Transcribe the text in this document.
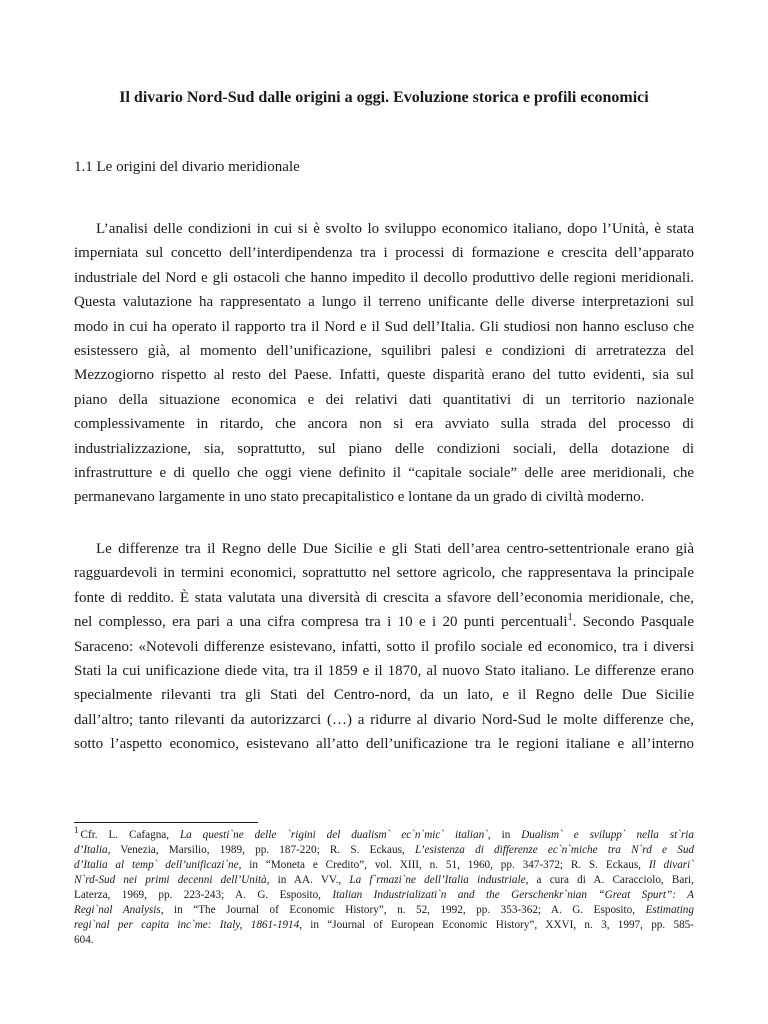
Il divario Nord-Sud dalle origini a oggi. Evoluzione storica e profili economici
1.1 Le origini del divario meridionale
L’analisi delle condizioni in cui si è svolto lo sviluppo economico italiano, dopo l’Unità, è stata
imperniata sul concetto dell’interdipendenza tra i processi di formazione e crescita dell’apparato
industriale del Nord e gli ostacoli che hanno impedito il decollo produttivo delle regioni meridionali.
Questa valutazione ha rappresentato a lungo il terreno unificante delle diverse interpretazioni sul
modo in cui ha operato il rapporto tra il Nord e il Sud dell’Italia. Gli studiosi non hanno escluso che
esistessero già, al momento dell’unificazione, squilibri palesi e condizioni di arretratezza del
Mezzogiorno rispetto al resto del Paese. Infatti, queste disparità erano del tutto evidenti, sia sul
piano della situazione economica e dei relativi dati quantitativi di un territorio nazionale
complessivamente in ritardo, che ancora non si era avviato sulla strada del processo di
industrializzazione, sia, soprattutto, sul piano delle condizioni sociali, della dotazione di
infrastrutture e di quello che oggi viene definito il “capitale sociale” delle aree meridionali, che
permanevano largamente in uno stato precapitalistico e lontane da un grado di civiltà moderno.
Le differenze tra il Regno delle Due Sicilie e gli Stati dell’area centro-settentrionale erano già
ragguardevoli in termini economici, soprattutto nel settore agricolo, che rappresentava la principale
fonte di reddito. È stata valutata una diversità di crescita a sfavore dell’economia meridionale, che,
nel complesso, era pari a una cifra compresa tra i 10 e i 20 punti percentuali$^1$. Secondo Pasquale
Saraceno: «Notevoli differenze esistevano, infatti, sotto il profilo sociale ed economico, tra i diversi
Stati la cui unificazione diede vita, tra il 1859 e il 1870, al nuovo Stato italiano. Le differenze erano
specialmente rilevanti tra gli Stati del Centro-nord, da un lato, e il Regno delle Due Sicilie
dall’altro; tanto rilevanti da autorizzarci (…) a ridurre al divario Nord-Sud le molte differenze che,
sotto l’aspetto economico, esistevano all’atto dell’unificazione tra le regioni italiane e all’interno
$^1$ Cfr. L. Cafagna, La questi`ne delle `rigini del dualism` ec`n`mic` italian`, in Dualism` e svilupp` nella st`ria
d’Italia, Venezia, Marsilio, 1989, pp. 187-220; R. S. Eckaus, L’esistenza di differenze ec`n`miche tra N`rd e Sud
d’Italia al temp` dell’unificazi`ne, in “Moneta e Credito”, vol. XIII, n. 51, 1960, pp. 347-372; R. S. Eckaus, Il divari`
N`rd-Sud nei primi decenni dell’Unità, in AA. VV., La f`rmazi`ne dell’Italia industriale, a cura di A. Caracciolo, Bari,
Laterza, 1969, pp. 223-243; A. G. Esposito, Italian Industrializati`n and the Gerschenkr`nian “Great Spurt”: A
Regi`nal Analysis, in “The Journal of Economic History”, n. 52, 1992, pp. 353-362; A. G. Esposito, Estimating
regi`nal per capita inc`me: Italy, 1861-1914, in “Journal of European Economic History”, XXVI, n. 3, 1997, pp. 585-
604.
